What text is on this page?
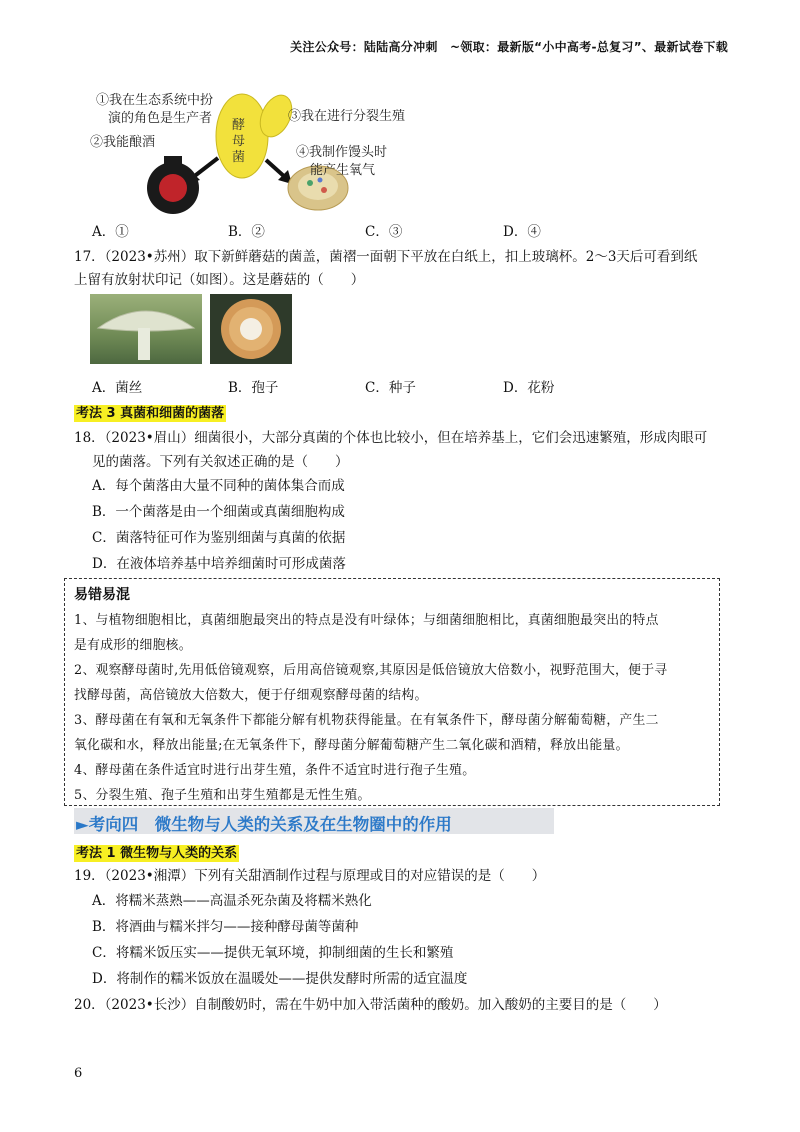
关注公众号：陆陆高分冲刺　~领取：最新版“小中高考-总复习”、最新试卷下载
①我在生态系统中扮
演的角色是生产者
②我能酿酒
③我在进行分裂生殖
④我制作馒头时
能产生氧气
酵母菌
A．①	B．②	C．③	D．④
17．（2023•苏州）取下新鲜蘑菇的菌盖，菌褶一面朝下平放在白纸上，扣上玻璃杯。2～3天后可看到纸
上留有放射状印记（如图）。这是蘑菇的（　　）
A．菌丝	B．孢子	C．种子	D．花粉
考法 3 真菌和细菌的菌落
18．（2023•眉山）细菌很小，大部分真菌的个体也比较小，但在培养基上，它们会迅速繁殖，形成肉眼可
见的菌落。下列有关叙述正确的是（　　）
A．每个菌落由大量不同种的菌体集合而成
B．一个菌落是由一个细菌或真菌细胞构成
C．菌落特征可作为鉴别细菌与真菌的依据
D．在液体培养基中培养细菌时可形成菌落
易错易混
1、与植物细胞相比，真菌细胞最突出的特点是没有叶绿体；与细菌细胞相比，真菌细胞最突出的特点
是有成形的细胞核。
2、观察酵母菌时,先用低倍镜观察，后用高倍镜观察,其原因是低倍镜放大倍数小，视野范围大，便于寻
找酵母菌，高倍镜放大倍数大，便于仔细观察酵母菌的结构。
3、酵母菌在有氧和无氧条件下都能分解有机物获得能量。在有氧条件下，酵母菌分解葡萄糖，产生二
氧化碳和水，释放出能量;在无氧条件下，酵母菌分解葡萄糖产生二氧化碳和酒精，释放出能量。
4、酵母菌在条件适宜时进行出芽生殖，条件不适宜时进行孢子生殖。
5、分裂生殖、孢子生殖和出芽生殖都是无性生殖。
►考向四　微生物与人类的关系及在生物圈中的作用
考法 1 微生物与人类的关系
19．（2023•湘潭）下列有关甜酒制作过程与原理或目的对应错误的是（　　）
A．将糯米蒸熟——高温杀死杂菌及将糯米熟化
B．将酒曲与糯米拌匀——接种酵母菌等菌种
C．将糯米饭压实——提供无氧环境，抑制细菌的生长和繁殖
D．将制作的糯米饭放在温暖处——提供发酵时所需的适宜温度
20．（2023•长沙）自制酸奶时，需在牛奶中加入带活菌种的酸奶。加入酸奶的主要目的是（　　）
6
